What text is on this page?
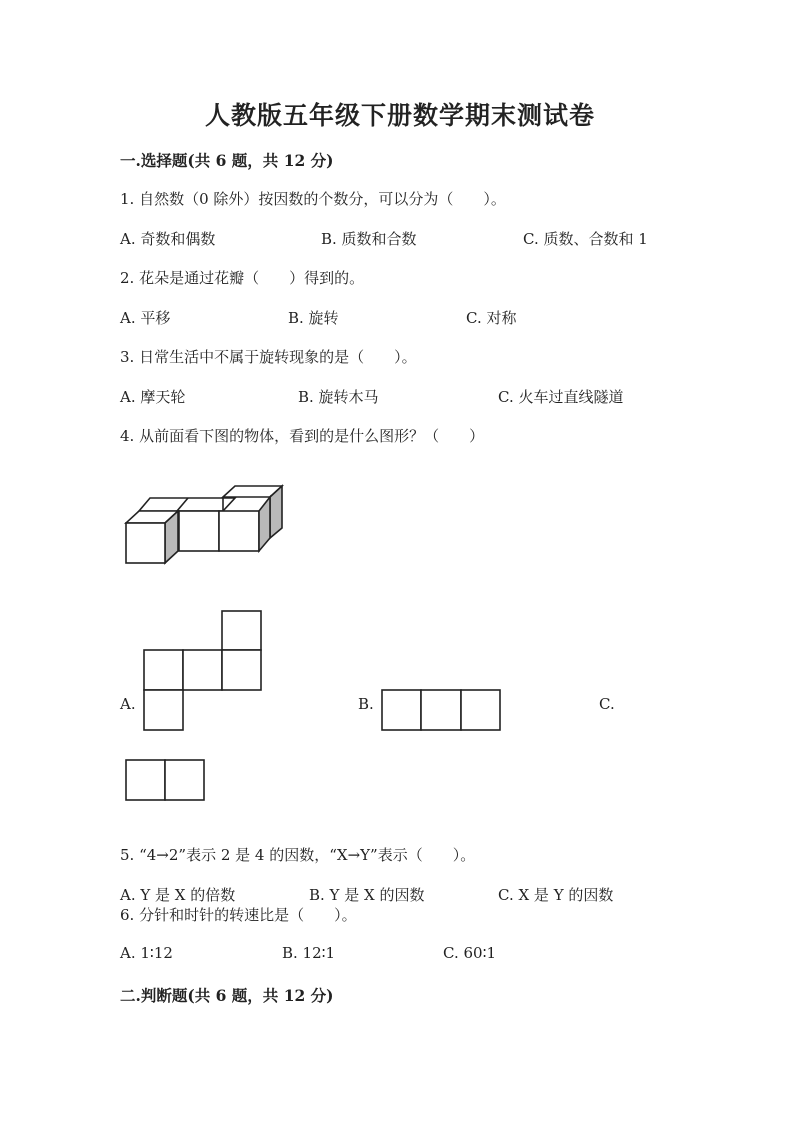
人教版五年级下册数学期末测试卷
一.选择题(共 6 题，共 12 分)
1. 自然数（0 除外）按因数的个数分，可以分为（　　）。
A. 奇数和偶数	B. 质数和合数	C. 质数、合数和 1
2. 花朵是通过花瓣（　　）得到的。
A. 平移	B. 旋转	C. 对称
3. 日常生活中不属于旋转现象的是（　　）。
A. 摩天轮	B. 旋转木马	C. 火车过直线隧道
4. 从前面看下图的物体，看到的是什么图形？（　　）
A.	B.	C.
5. “4→2”表示 2 是 4 的因数，“X→Y”表示（　　）。
A. Y 是 X 的倍数	B. Y 是 X 的因数	C. X 是 Y 的因数
6. 分针和时针的转速比是（　　）。
A. 1∶12	B. 12∶1	C. 60∶1
二.判断题(共 6 题，共 12 分)
